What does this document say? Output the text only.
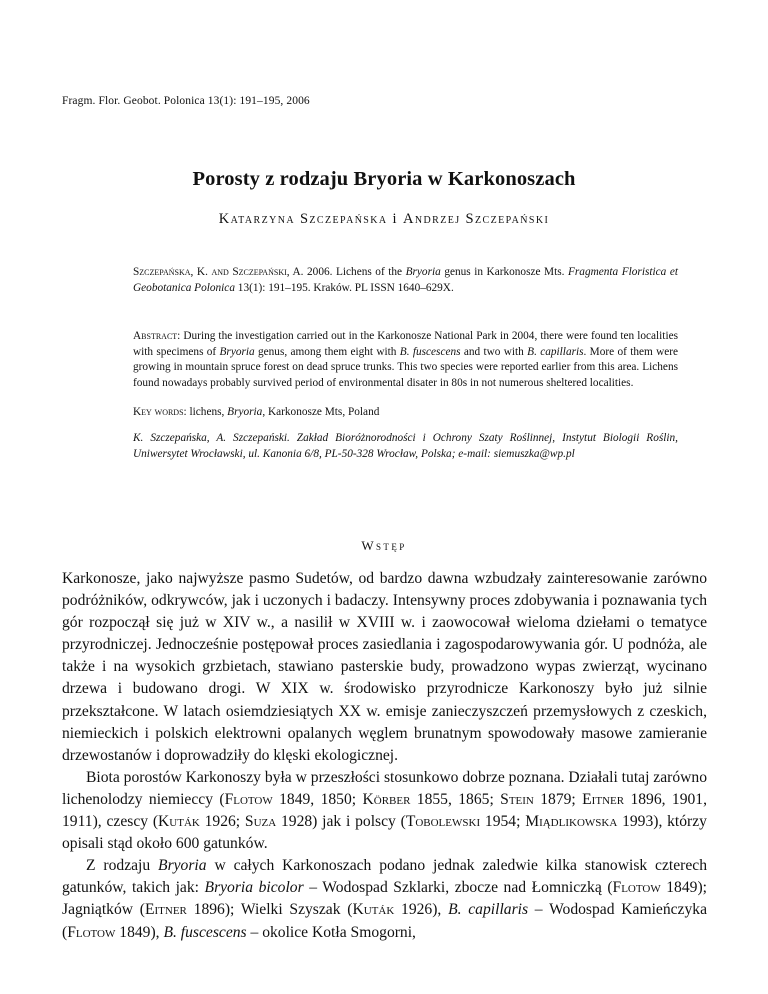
Fragm. Flor. Geobot. Polonica 13(1): 191–195, 2006
Porosty z rodzaju Bryoria w Karkonoszach
Katarzyna Szczepańska i Andrzej Szczepański

Szczepańska, K. and Szczepański, A. 2006. Lichens of the Bryoria genus in Karkonosze Mts. Fragmenta Floristica et Geobotanica Polonica 13(1): 191–195. Kraków. PL ISSN 1640–629X.

Abstract: During the investigation carried out in the Karkonosze National Park in 2004, there were found ten localities with specimens of Bryoria genus, among them eight with B. fuscescens and two with B. capillaris. More of them were growing in mountain spruce forest on dead spruce trunks. This two species were reported earlier from this area. Lichens found nowadays probably survived period of environmental disater in 80s in not numerous sheltered localities.

Key words: lichens, Bryoria, Karkonosze Mts, Poland

K. Szczepańska, A. Szczepański. Zakład Bioróżnorodności i Ochrony Szaty Roślinnej, Instytut Biologii Roślin, Uniwersytet Wrocławski, ul. Kanonia 6/8, PL-50-328 Wrocław, Polska; e-mail: siemuszka@wp.pl

Wstęp

Karkonosze, jako najwyższe pasmo Sudetów, od bardzo dawna wzbudzały zainteresowanie zarówno podróżników, odkrywców, jak i uczonych i badaczy. Intensywny proces zdobywania i poznawania tych gór rozpoczął się już w XIV w., a nasilił w XVIII w. i zaowocował wieloma dziełami o tematyce przyrodniczej. Jednocześnie postępował proces zasiedlania i zagospodarowywania gór. U podnóża, ale także i na wysokich grzbietach, stawiano pasterskie budy, prowadzono wypas zwierząt, wycinano drzewa i budowano drogi. W XIX w. środowisko przyrodnicze Karkonoszy było już silnie przekształcone. W latach osiemdziesiątych XX w. emisje zanieczyszczeń przemysłowych z czeskich, niemieckich i polskich elektrowni opalanych węglem brunatnym spowodowały masowe zamieranie drzewostanów i doprowadziły do klęski ekologicznej.

Biota porostów Karkonoszy była w przeszłości stosunkowo dobrze poznana. Działali tutaj zarówno lichenolodzy niemieccy (Flotow 1849, 1850; Körber 1855, 1865; Stein 1879; Eitner 1896, 1901, 1911), czescy (Kuták 1926; Suza 1928) jak i polscy (Tobolewski 1954; Miądlikowska 1993), którzy opisali stąd około 600 gatunków.

Z rodzaju Bryoria w całych Karkonoszach podano jednak zaledwie kilka stanowisk czterech gatunków, takich jak: Bryoria bicolor – Wodospad Szklarki, zbocze nad Łomniczką (Flotow 1849); Jagniątków (Eitner 1896); Wielki Szyszak (Kuták 1926), B. capillaris – Wodospad Kamieńczyka (Flotow 1849), B. fuscescens – okolice Kotła Smogorni,
